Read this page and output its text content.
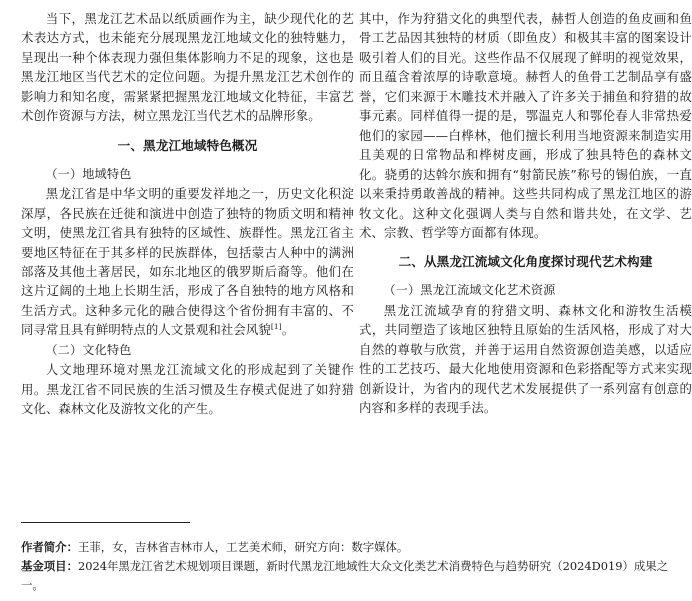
当下，黑龙江艺术品以纸质画作为主，缺少现代化的艺术表达方式，也未能充分展现黑龙江地域文化的独特魅力，呈现出一种个体表现力强但集体影响力不足的现象，这也是黑龙江地区当代艺术的定位问题。为提升黑龙江艺术创作的影响力和知名度，需紧紧把握黑龙江地域文化特征，丰富艺术创作资源与方法，树立黑龙江当代艺术的品牌形象。

一、黑龙江地域特色概况
（一）地域特色

黑龙江省是中华文明的重要发祥地之一，历史文化积淀深厚，各民族在迁徙和演进中创造了独特的物质文明和精神文明，使黑龙江省具有独特的区域性、族群性。黑龙江省主要地区特征在于其多样的民族群体，包括蒙古人种中的满洲部落及其他土著居民，如东北地区的俄罗斯后裔等。他们在这片辽阔的土地上长期生活，形成了各自独特的地方风格和生活方式。这种多元化的融合使得这个省份拥有丰富的、不同寻常且具有鲜明特点的人文景观和社会风貌[1]。

（二）文化特色

人文地理环境对黑龙江流域文化的形成起到了关键作用。黑龙江省不同民族的生活习惯及生存模式促进了如狩猎文化、森林文化及游牧文化的产生。

其中，作为狩猎文化的典型代表，赫哲人创造的鱼皮画和鱼骨工艺品因其独特的材质（即鱼皮）和极其丰富的图案设计吸引着人们的目光。这些作品不仅展现了鲜明的视觉效果，而且蕴含着浓厚的诗歌意境。赫哲人的鱼骨工艺制品享有盛誉，它们来源于木雕技术并融入了许多关于捕鱼和狩猎的故事元素。同样值得一提的是，鄂温克人和鄂伦春人非常热爱他们的家园——白桦林，他们擅长利用当地资源来制造实用且美观的日常物品和桦树皮画，形成了独具特色的森林文化。骁勇的达斡尔族和拥有“射箭民族”称号的锡伯族，一直以来秉持勇敢善战的精神。这些共同构成了黑龙江地区的游牧文化。这种文化强调人类与自然和谐共处，在文学、艺术、宗教、哲学等方面都有体现。

二、从黑龙江流域文化角度探讨现代艺术构建
（一）黑龙江流域文化艺术资源

黑龙江流域孕育的狩猎文明、森林文化和游牧生活模式，共同塑造了该地区独特且原始的生活风格，形成了对大自然的尊敬与欣赏，并善于运用自然资源创造美感，以适应性的工艺技巧、最大化地使用资源和色彩搭配等方式来实现创新设计，为省内的现代艺术发展提供了一系列富有创意的内容和多样的表现手法。

作者简介：王菲，女，吉林省吉林市人，工艺美术师，研究方向：数字媒体。
基金项目：2024年黑龙江省艺术规划项目课题，新时代黑龙江地域性大众文化类艺术消费特色与趋势研究（2024D019）成果之一。
